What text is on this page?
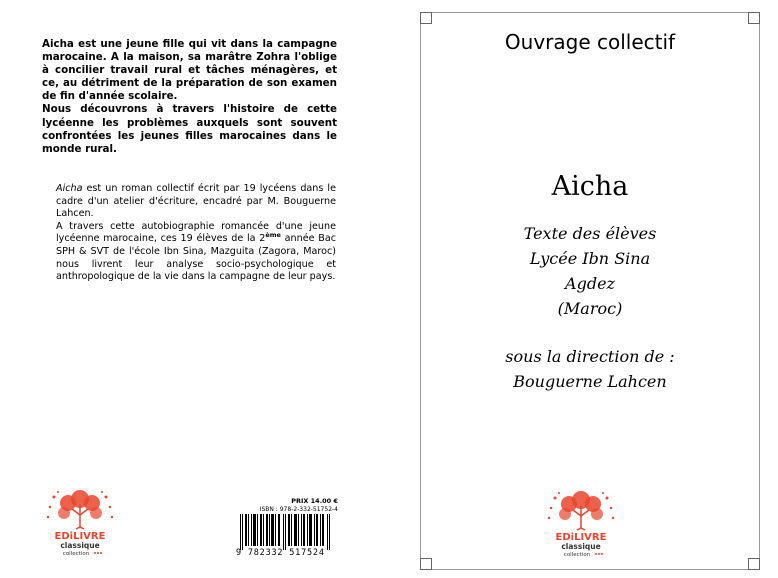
Aicha est une jeune fille qui vit dans la campagne marocaine. A la maison, sa marâtre Zohra l'oblige à concilier travail rural et tâches ménagères, et ce, au détriment de la préparation de son examen de fin d'année scolaire.

Nous découvrons à travers l'histoire de cette lycéenne les problèmes auxquels sont souvent confrontées les jeunes filles marocaines dans le monde rural.

Aicha est un roman collectif écrit par 19 lycéens dans le cadre d'un atelier d'écriture, encadré par M. Bouguerne Lahcen.

A travers cette autobiographie romancée d'une jeune lycéenne marocaine, ces 19 élèves de la 2ème année Bac SPH & SVT de l'école Ibn Sina, Mazguita (Zagora, Maroc) nous livrent leur analyse socio-psychologique et anthropologique de la vie dans la campagne de leur pays.

EDiLIVRE
classique
collection
PRIX 14.00 €
ISBN : 978-2-332-51752-4
9 782332 517524
Ouvrage collectif
Aicha
Texte des élèves
Lycée Ibn Sina
Agdez
(Maroc)
sous la direction de :
Bouguerne Lahcen
EDiLIVRE
classique
collection
